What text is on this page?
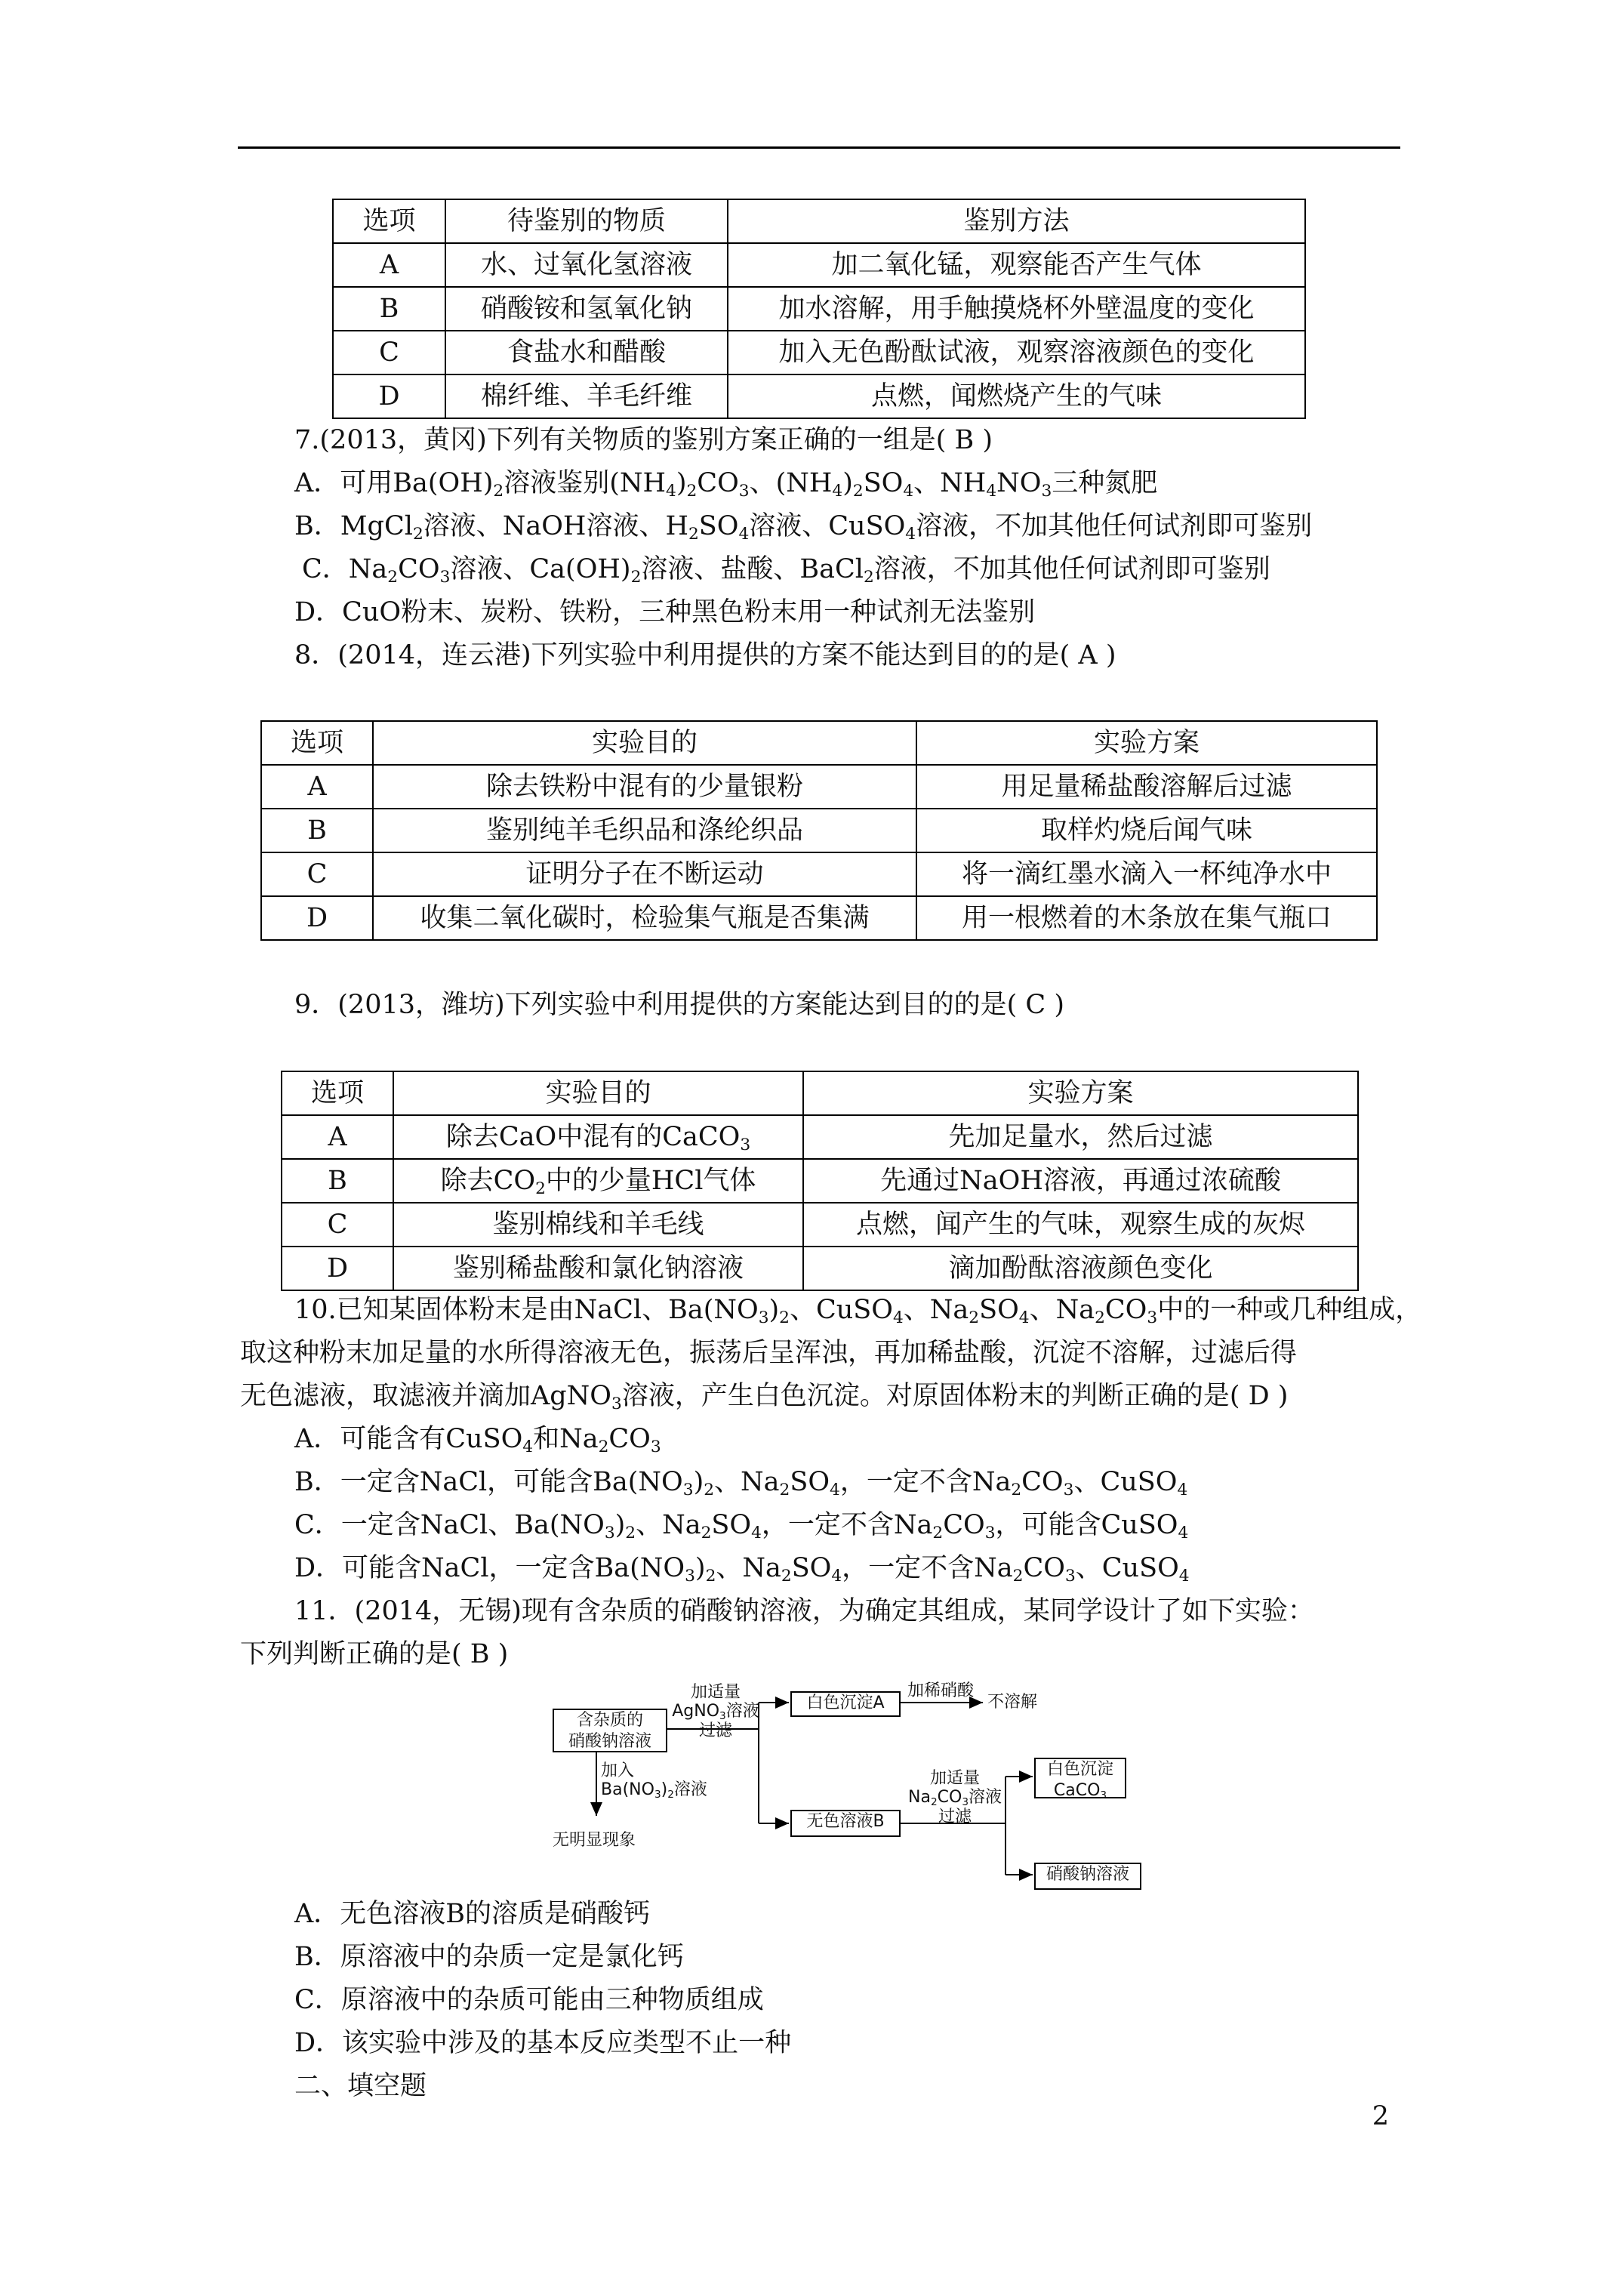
选项	待鉴别的物质	鉴别方法
A	水、过氧化氢溶液	加二氧化锰，观察能否产生气体
B	硝酸铵和氢氧化钠	加水溶解，用手触摸烧杯外壁温度的变化
C	食盐水和醋酸	加入无色酚酞试液，观察溶液颜色的变化
D	棉纤维、羊毛纤维	点燃，闻燃烧产生的气味
7.(2013，黄冈)下列有关物质的鉴别方案正确的一组是( B )
A．可用$Ba(OH)_2$溶液鉴别$(NH_4)_2CO_3$、$(NH_4)_2SO_4$、$NH_4NO_3$三种氮肥
B．MgCl$_2$溶液、NaOH溶液、$H_2SO_4$溶液、CuSO$_4$溶液，不加其他任何试剂即可鉴别
C．$Na_2CO_3$溶液、$Ca(OH)_2$溶液、盐酸、BaCl$_2$溶液，不加其他任何试剂即可鉴别
D．CuO粉末、炭粉、铁粉，三种黑色粉末用一种试剂无法鉴别
8．(2014，连云港)下列实验中利用提供的方案不能达到目的的是( A )
选项	实验目的	实验方案
A	除去铁粉中混有的少量银粉	用足量稀盐酸溶解后过滤
B	鉴别纯羊毛织品和涤纶织品	取样灼烧后闻气味
C	证明分子在不断运动	将一滴红墨水滴入一杯纯净水中
D	收集二氧化碳时，检验集气瓶是否集满	用一根燃着的木条放在集气瓶口
9．(2013，潍坊)下列实验中利用提供的方案能达到目的的是( C )
选项	实验目的	实验方案
A	除去CaO中混有的CaCO$_3$	先加足量水，然后过滤
B	除去$CO_2$中的少量HCl气体	先通过NaOH溶液，再通过浓硫酸
C	鉴别棉线和羊毛线	点燃，闻产生的气味，观察生成的灰烬
D	鉴别稀盐酸和氯化钠溶液	滴加酚酞溶液颜色变化
10.已知某固体粉末是由NaCl、$Ba(NO_3)_2$、CuSO$_4$、$Na_2SO_4$、$Na_2CO_3$中的一种或几种组成，
取这种粉末加足量的水所得溶液无色，振荡后呈浑浊，再加稀盐酸，沉淀不溶解，过滤后得
无色滤液，取滤液并滴加AgNO$_3$溶液，产生白色沉淀。对原固体粉末的判断正确的是( D )
A．可能含有CuSO$_4$和$Na_2CO_3$
B．一定含NaCl，可能含$Ba(NO_3)_2$、$Na_2SO_4$，一定不含$Na_2CO_3$、CuSO$_4$
C．一定含NaCl、$Ba(NO_3)_2$、$Na_2SO_4$，一定不含$Na_2CO_3$，可能含CuSO$_4$
D．可能含NaCl，一定含$Ba(NO_3)_2$、$Na_2SO_4$，一定不含$Na_2CO_3$、CuSO$_4$
11．(2014，无锡)现有含杂质的硝酸钠溶液，为确定其组成，某同学设计了如下实验：
下列判断正确的是( B )
含杂质的
硝酸钠溶液
加适量
AgNO$_3$溶液
过滤
白色沉淀A
加稀硝酸
不溶解
无色溶液B
加适量
$Na_2CO_3$溶液
过滤
白色沉淀
CaCO$_3$
硝酸钠溶液
加入
$Ba(NO_3)_2$溶液
无明显现象
A．无色溶液B的溶质是硝酸钙
B．原溶液中的杂质一定是氯化钙
C．原溶液中的杂质可能由三种物质组成
D．该实验中涉及的基本反应类型不止一种
二、填空题
2
